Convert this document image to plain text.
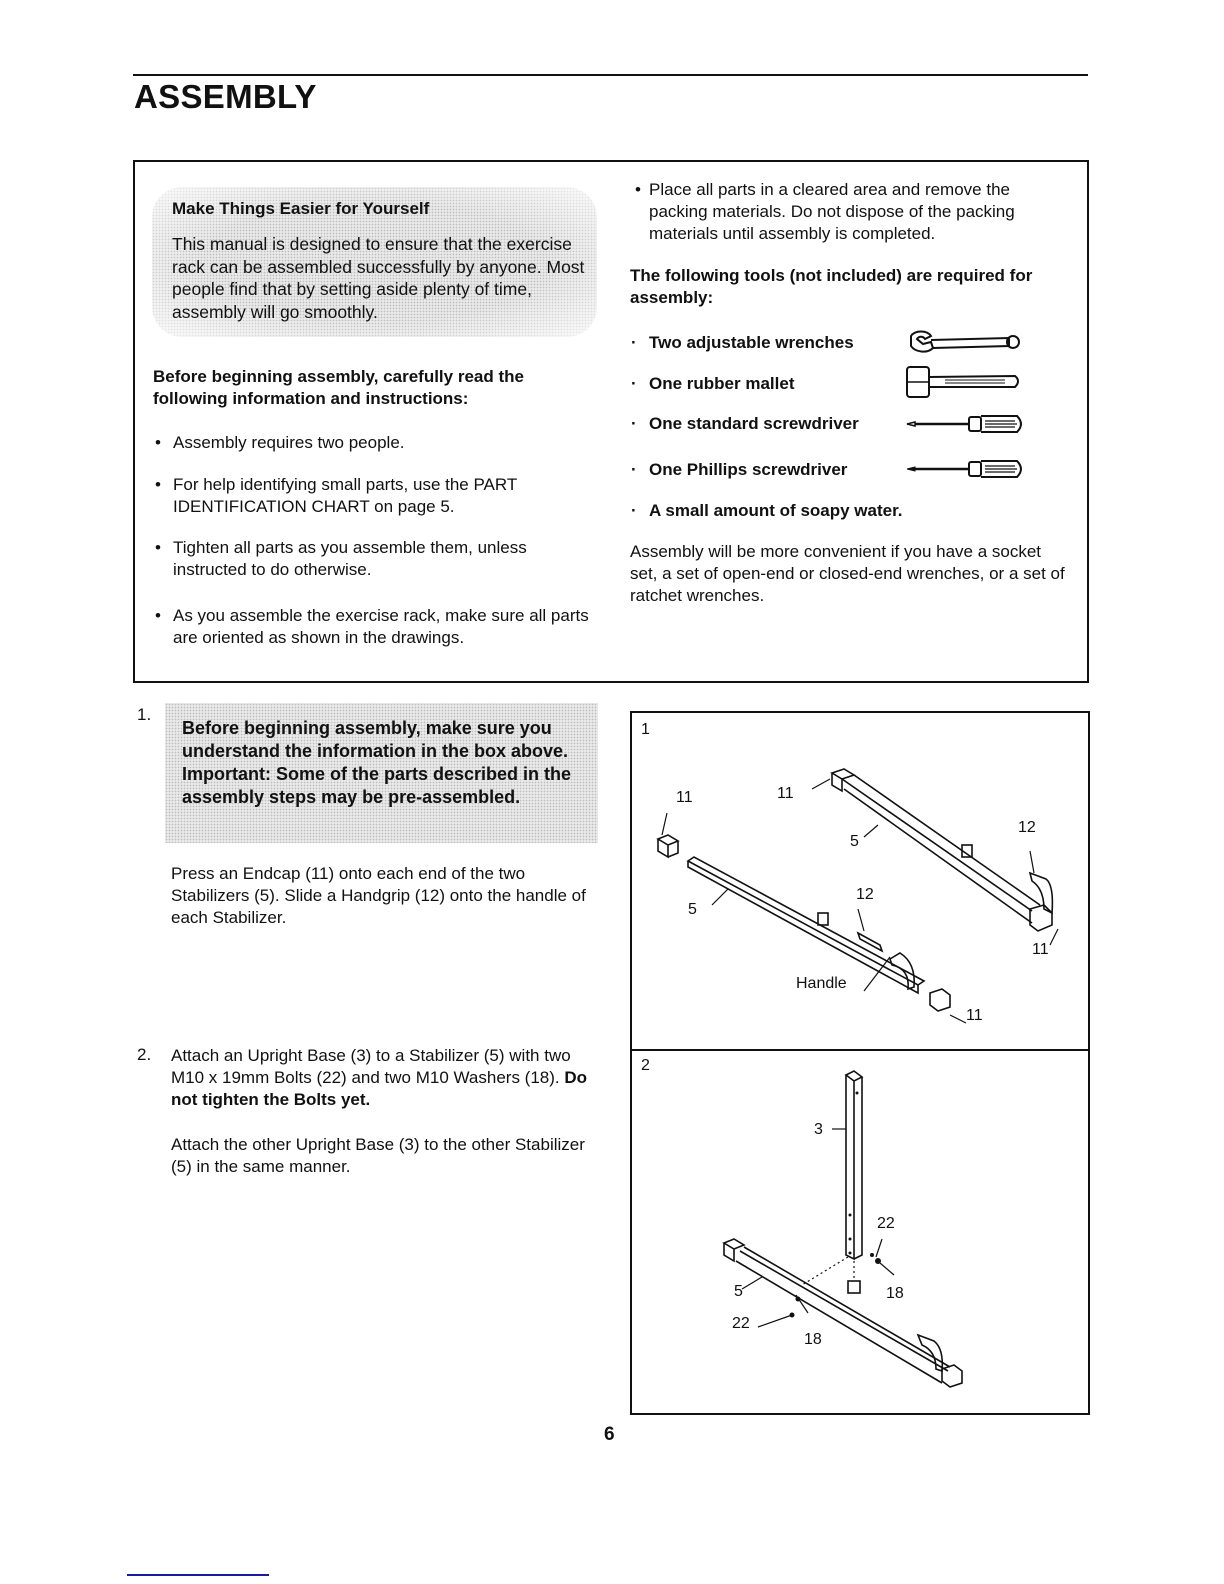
ASSEMBLY
Make Things Easier for Yourself
This manual is designed to ensure that the exercise rack can be assembled successfully by anyone. Most people find that by setting aside plenty of time, assembly will go smoothly.
Before beginning assembly, carefully read the following information and instructions:
• Assembly requires two people.
• For help identifying small parts, use the PART IDENTIFICATION CHART on page 5.
• Tighten all parts as you assemble them, unless instructed to do otherwise.
• As you assemble the exercise rack, make sure all parts are oriented as shown in the drawings.
• Place all parts in a cleared area and remove the packing materials. Do not dispose of the packing materials until assembly is completed.
The following tools (not included) are required for assembly:
· Two adjustable wrenches
· One rubber mallet
· One standard screwdriver
· One Phillips screwdriver
· A small amount of soapy water.
Assembly will be more convenient if you have a socket set, a set of open-end or closed-end wrenches, or a set of ratchet wrenches.
1.
Before beginning assembly, make sure you understand the information in the box above. Important: Some of the parts described in the assembly steps may be pre-assembled.
Press an Endcap (11) onto each end of the two Stabilizers (5). Slide a Handgrip (12) onto the handle of each Stabilizer.
2. Attach an Upright Base (3) to a Stabilizer (5) with two M10 x 19mm Bolts (22) and two M10 Washers (18). Do not tighten the Bolts yet.
Attach the other Upright Base (3) to the other Stabilizer (5) in the same manner.
1
11	11
5
12
5
12
11
Handle
11
2
3
22
5	18
22
18
6
